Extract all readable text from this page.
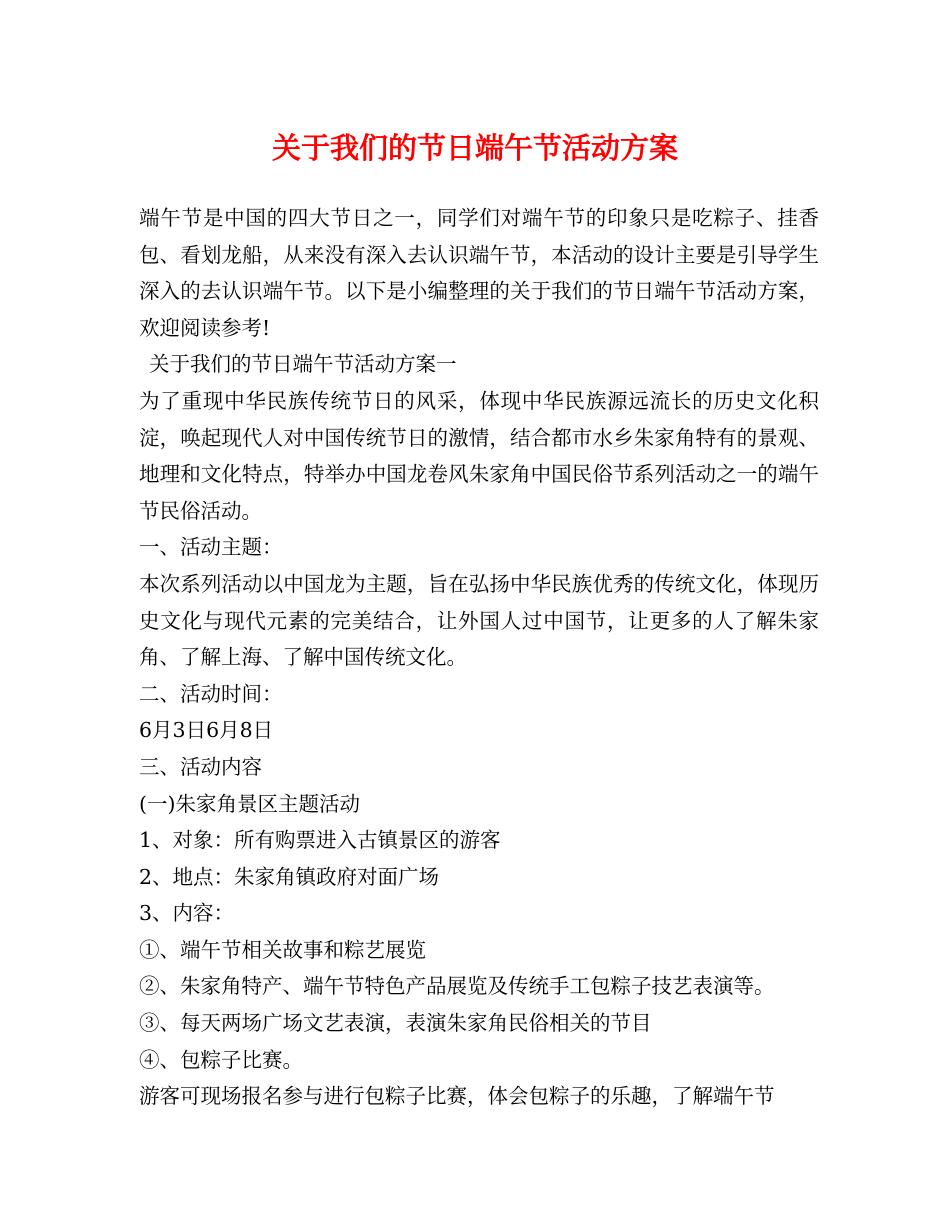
关于我们的节日端午节活动方案

端午节是中国的四大节日之一，同学们对端午节的印象只是吃粽子、挂香包、看划龙船，从来没有深入去认识端午节，本活动的设计主要是引导学生深入的去认识端午节。以下是小编整理的关于我们的节日端午节活动方案，欢迎阅读参考!

关于我们的节日端午节活动方案一

为了重现中华民族传统节日的风采，体现中华民族源远流长的历史文化积淀，唤起现代人对中国传统节日的激情，结合都市水乡朱家角特有的景观、地理和文化特点，特举办中国龙卷风朱家角中国民俗节系列活动之一的端午节民俗活动。

一、活动主题：

本次系列活动以中国龙为主题，旨在弘扬中华民族优秀的传统文化，体现历史文化与现代元素的完美结合，让外国人过中国节，让更多的人了解朱家角、了解上海、了解中国传统文化。

二、活动时间：

6月3日6月8日

三、活动内容

(一)朱家角景区主题活动

1、对象：所有购票进入古镇景区的游客

2、地点：朱家角镇政府对面广场

3、内容：

①、端午节相关故事和粽艺展览

②、朱家角特产、端午节特色产品展览及传统手工包粽子技艺表演等。

③、每天两场广场文艺表演，表演朱家角民俗相关的节目

④、包粽子比赛。

游客可现场报名参与进行包粽子比赛，体会包粽子的乐趣，了解端午节
